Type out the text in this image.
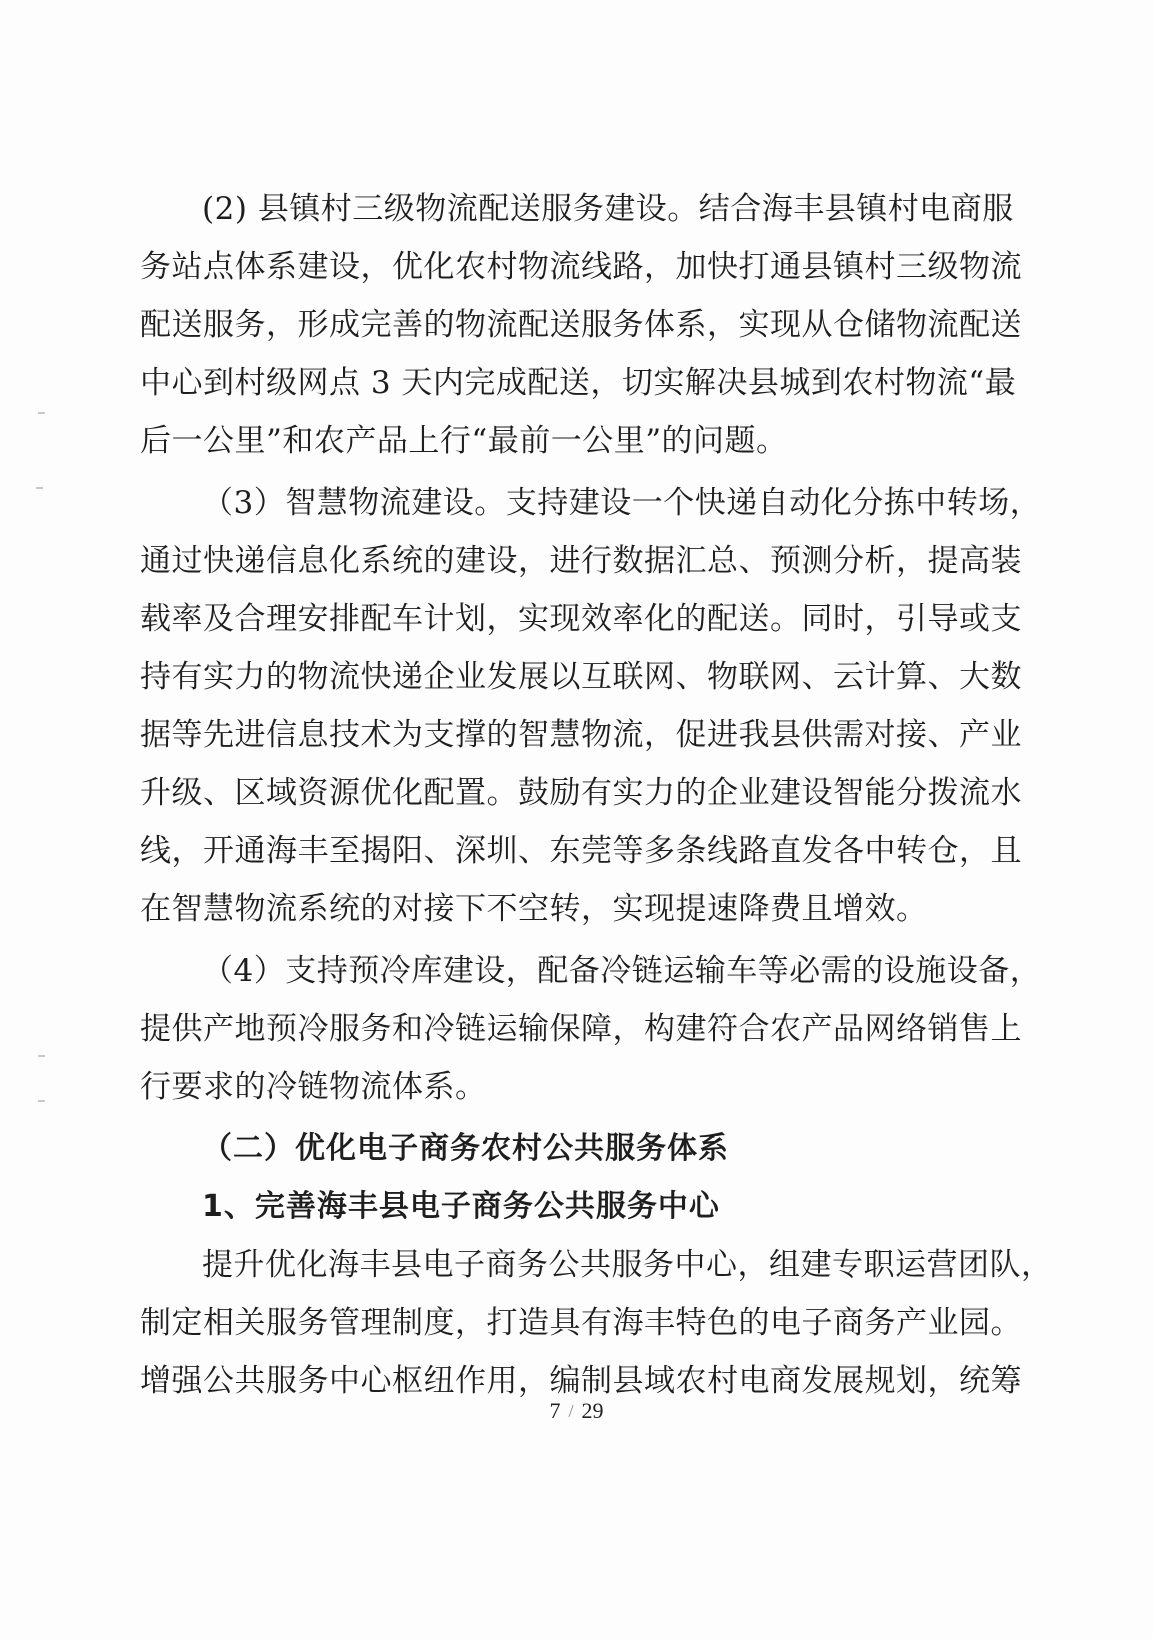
(2) 县镇村三级物流配送服务建设。结合海丰县镇村电商服
务站点体系建设，优化农村物流线路，加快打通县镇村三级物流
配送服务，形成完善的物流配送服务体系，实现从仓储物流配送
中心到村级网点 3 天内完成配送，切实解决县城到农村物流“最
后一公里”和农产品上行“最前一公里”的问题。
（3）智慧物流建设。支持建设一个快递自动化分拣中转场，
通过快递信息化系统的建设，进行数据汇总、预测分析，提高装
载率及合理安排配车计划，实现效率化的配送。同时，引导或支
持有实力的物流快递企业发展以互联网、物联网、云计算、大数
据等先进信息技术为支撑的智慧物流，促进我县供需对接、产业
升级、区域资源优化配置。鼓励有实力的企业建设智能分拨流水
线，开通海丰至揭阳、深圳、东莞等多条线路直发各中转仓，且
在智慧物流系统的对接下不空转，实现提速降费且增效。
（4）支持预冷库建设，配备冷链运输车等必需的设施设备，
提供产地预冷服务和冷链运输保障，构建符合农产品网络销售上
行要求的冷链物流体系。
（二）优化电子商务农村公共服务体系
1、完善海丰县电子商务公共服务中心
提升优化海丰县电子商务公共服务中心，组建专职运营团队，
制定相关服务管理制度，打造具有海丰特色的电子商务产业园。
增强公共服务中心枢纽作用，编制县域农村电商发展规划，统筹
7 / 29
